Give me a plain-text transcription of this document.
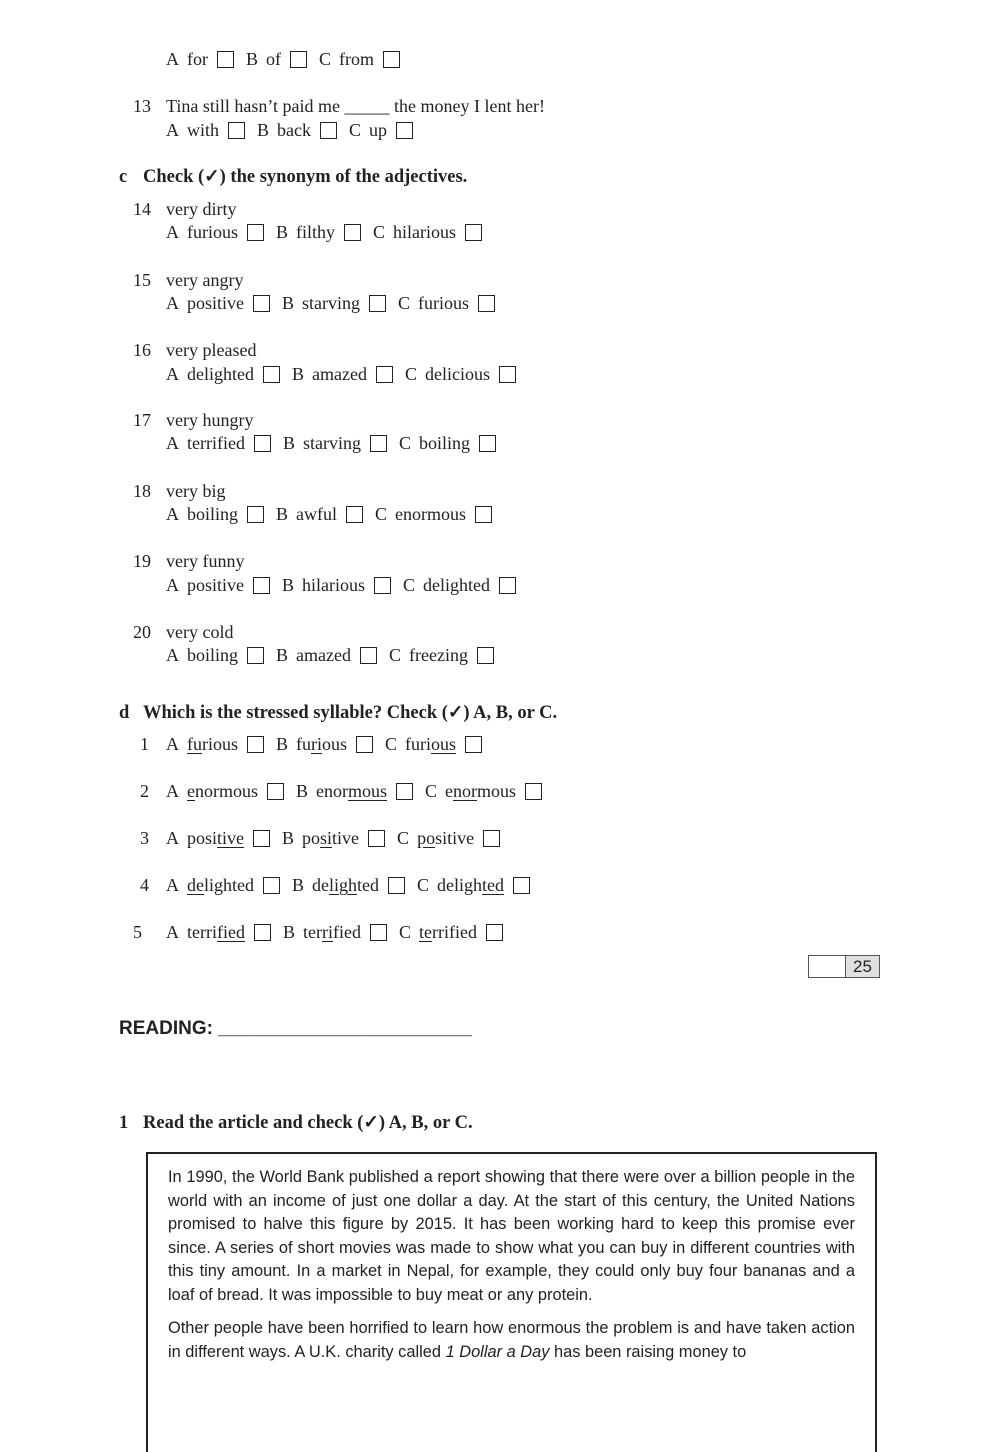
A for B of C from
13 Tina still hasn’t paid me _____ the money I lent her!
A with B back C up
c Check (✓) the synonym of the adjectives.
14 very dirty
A furious B filthy C hilarious
15 very angry
A positive B starving C furious
16 very pleased
A delighted B amazed C delicious
17 very hungry
A terrified B starving C boiling
18 very big
A boiling B awful C enormous
19 very funny
A positive B hilarious C delighted
20 very cold
A boiling B amazed C freezing
d Which is the stressed syllable? Check (✓) A, B, or C.
1 A fu rious B fu ri ous C furi ous
2 A e normous B enor mous C e nor mous
3 A posi tive B po si tive C po sitive
4 A de lighted B de ligh ted C deligh ted
5	A terri fied B ter ri fied C te rrified
25
READING: ________________________
1 Read the article and check (✓) A, B, or C.

In 1990, the World Bank published a report showing that there were over a billion people in the world with an income of just one dollar a day. At the start of this century, the United Nations promised to halve this figure by 2015. It has been working hard to keep this promise ever since. A series of short movies was made to show what you can buy in different countries with this tiny amount. In a market in Nepal, for example, they could only buy four bananas and a loaf of bread. It was impossible to buy meat or any protein.

Other people have been horrified to learn how enormous the problem is and have taken action in different ways. A U.K. charity called 1 Dollar a Day has been raising money to
